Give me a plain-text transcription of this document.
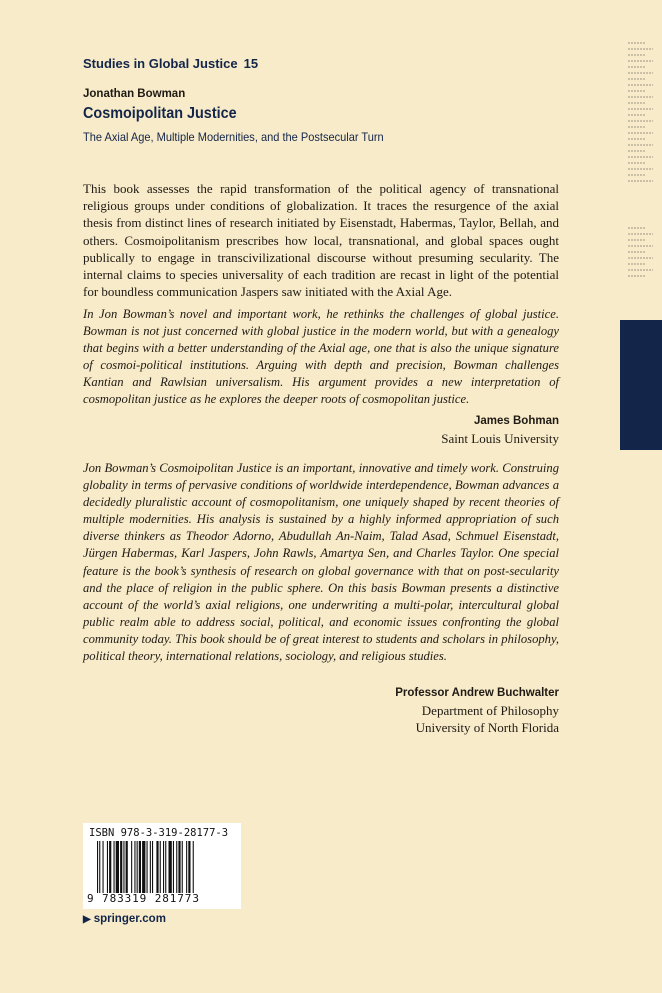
Studies in Global Justice 15
Jonathan Bowman
Cosmoipolitan Justice
The Axial Age, Multiple Modernities, and the Postsecular Turn

This book assesses the rapid transformation of the political agency of transnational religious groups under conditions of globalization. It traces the resurgence of the axial thesis from distinct lines of research initiated by Eisenstadt, Habermas, Taylor, Bellah, and others. Cosmoipolitanism prescribes how local, transnational, and global spaces ought publically to engage in transcivilizational discourse without presuming secularity. The internal claims to species universality of each tradition are recast in light of the potential for boundless communication Jaspers saw initiated with the Axial Age.

In Jon Bowman’s novel and important work, he rethinks the challenges of global justice. Bowman is not just concerned with global justice in the modern world, but with a genealogy that begins with a better understanding of the Axial age, one that is also the unique signature of cosmoi-political institutions. Arguing with depth and precision, Bowman challenges Kantian and Rawlsian universalism. His argument provides a new interpretation of cosmopolitan justice as he explores the deeper roots of cosmopolitan justice.

James Bohman
Saint Louis University

Jon Bowman’s Cosmoipolitan Justice is an important, innovative and timely work. Construing globality in terms of pervasive conditions of worldwide interdependence, Bowman advances a decidedly pluralistic account of cosmopolitanism, one uniquely shaped by recent theories of multiple modernities. His analysis is sustained by a highly informed appropriation of such diverse thinkers as Theodor Adorno, Abudullah An-Naim, Talad Asad, Schmuel Eisenstadt, Jürgen Habermas, Karl Jaspers, John Rawls, Amartya Sen, and Charles Taylor. One special feature is the book’s synthesis of research on global governance with that on post-secularity and the place of religion in the public sphere. On this basis Bowman presents a distinctive account of the world’s axial religions, one underwriting a multi-polar, intercultural global public realm able to address social, political, and economic issues confronting the global community today. This book should be of great interest to students and scholars in philosophy, political theory, international relations, sociology, and religious studies.

Professor Andrew Buchwalter
Department of Philosophy
University of North Florida
ISBN 978-3-319-28177-3
9 783319 281773
▶ springer.com
